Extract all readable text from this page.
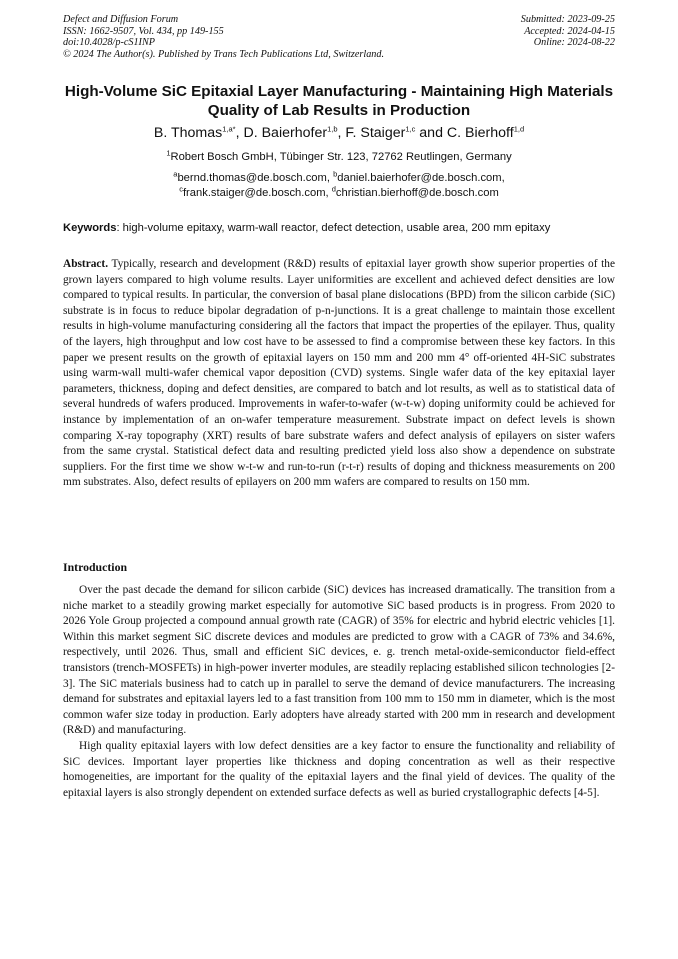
Defect and Diffusion Forum
ISSN: 1662-9507, Vol. 434, pp 149-155
doi:10.4028/p-cS1INP
© 2024 The Author(s). Published by Trans Tech Publications Ltd, Switzerland.
Submitted: 2023-09-25
Accepted: 2024-04-15
Online: 2024-08-22
High-Volume SiC Epitaxial Layer Manufacturing - Maintaining High Materials Quality of Lab Results in Production
B. Thomas$^{1,a*}$, D. Baierhofer$^{1,b}$, F. Staiger$^{1,c}$ and C. Bierhoff$^{1,d}$
$^1$Robert Bosch GmbH, Tübinger Str. 123, 72762 Reutlingen, Germany
$^a$bernd.thomas@de.bosch.com, $^b$daniel.baierhofer@de.bosch.com,
$^c$frank.staiger@de.bosch.com, $^d$christian.bierhoff@de.bosch.com
Keywords: high-volume epitaxy, warm-wall reactor, defect detection, usable area, 200 mm epitaxy
Abstract. Typically, research and development (R&D) results of epitaxial layer growth show superior properties of the grown layers compared to high volume results. Layer uniformities are excellent and achieved defect densities are low compared to typical results. In particular, the conversion of basal plane dislocations (BPD) from the silicon carbide (SiC) substrate is in focus to reduce bipolar degradation of p-n-junctions. It is a great challenge to maintain those excellent results in high-volume manufacturing considering all the factors that impact the properties of the epilayer. Thus, quality of the layers, high throughput and low cost have to be assessed to find a compromise between these key factors. In this paper we present results on the growth of epitaxial layers on 150 mm and 200 mm 4° off-oriented 4H-SiC substrates using warm-wall multi-wafer chemical vapor deposition (CVD) systems. Single wafer data of the key epitaxial layer parameters, thickness, doping and defect densities, are compared to batch and lot results, as well as to statistical data of several hundreds of wafers produced. Improvements in wafer-to-wafer (w-t-w) doping uniformity could be achieved for instance by implementation of an on-wafer temperature measurement. Substrate impact on defect levels is shown comparing X-ray topography (XRT) results of bare substrate wafers and defect analysis of epilayers on sister wafers from the same crystal. Statistical defect data and resulting predicted yield loss also show a dependence on substrate suppliers. For the first time we show w-t-w and run-to-run (r-t-r) results of doping and thickness measurements on 200 mm substrates. Also, defect results of epilayers on 200 mm wafers are compared to results on 150 mm.
Introduction

Over the past decade the demand for silicon carbide (SiC) devices has increased dramatically. The transition from a niche market to a steadily growing market especially for automotive SiC based products is in progress. From 2020 to 2026 Yole Group projected a compound annual growth rate (CAGR) of 35% for electric and hybrid electric vehicles [1]. Within this market segment SiC discrete devices and modules are predicted to grow with a CAGR of 73% and 34.6%, respectively, until 2026. Thus, small and efficient SiC devices, e. g. trench metal-oxide-semiconductor field-effect transistors (trench-MOSFETs) in high-power inverter modules, are steadily replacing established silicon technologies [2-3]. The SiC materials business had to catch up in parallel to serve the demand of device manufacturers. The increasing demand for substrates and epitaxial layers led to a fast transition from 100 mm to 150 mm in diameter, which is the most common wafer size today in production. Early adopters have already started with 200 mm in research and development (R&D) and manufacturing.

High quality epitaxial layers with low defect densities are a key factor to ensure the functionality and reliability of SiC devices. Important layer properties like thickness and doping concentration as well as their respective homogeneities, are important for the quality of the epitaxial layers and the final yield of devices. The quality of the epitaxial layers is also strongly dependent on extended surface defects as well as buried crystallographic defects [4-5].
